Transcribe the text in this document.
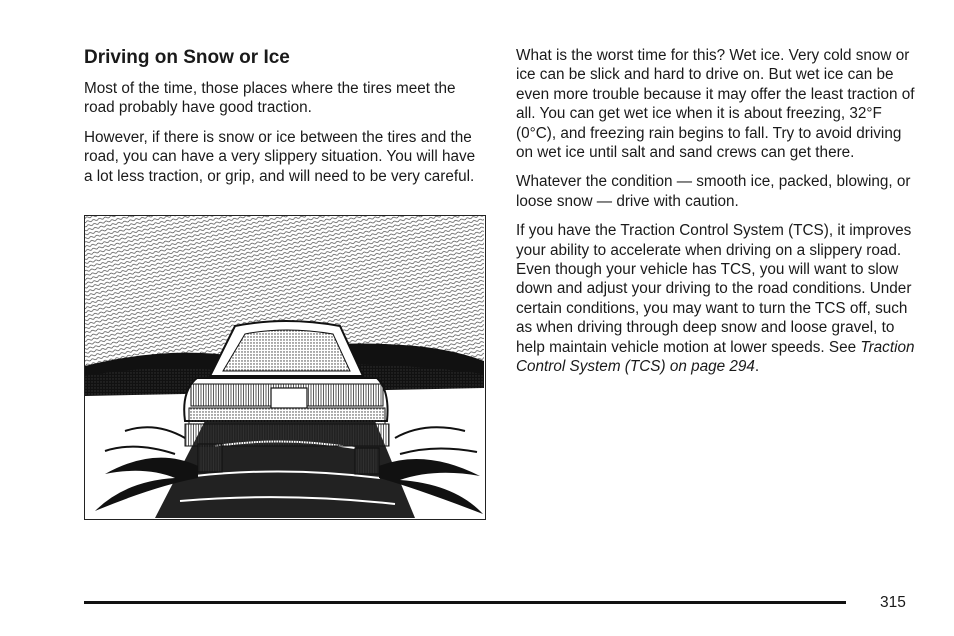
Driving on Snow or Ice

Most of the time, those places where the tires meet the road probably have good traction.

However, if there is snow or ice between the tires and the road, you can have a very slippery situation. You will have a lot less traction, or grip, and will need to be very careful.

What is the worst time for this? Wet ice. Very cold snow or ice can be slick and hard to drive on. But wet ice can be even more trouble because it may offer the least traction of all. You can get wet ice when it is about freezing, 32°F (0°C), and freezing rain begins to fall. Try to avoid driving on wet ice until salt and sand crews can get there.

Whatever the condition — smooth ice, packed, blowing, or loose snow — drive with caution.

If you have the Traction Control System (TCS), it improves your ability to accelerate when driving on a slippery road. Even though your vehicle has TCS, you will want to slow down and adjust your driving to the road conditions. Under certain conditions, you may want to turn the TCS off, such as when driving through deep snow and loose gravel, to help maintain vehicle motion at lower speeds. See Traction Control System (TCS) on page 294.

315
